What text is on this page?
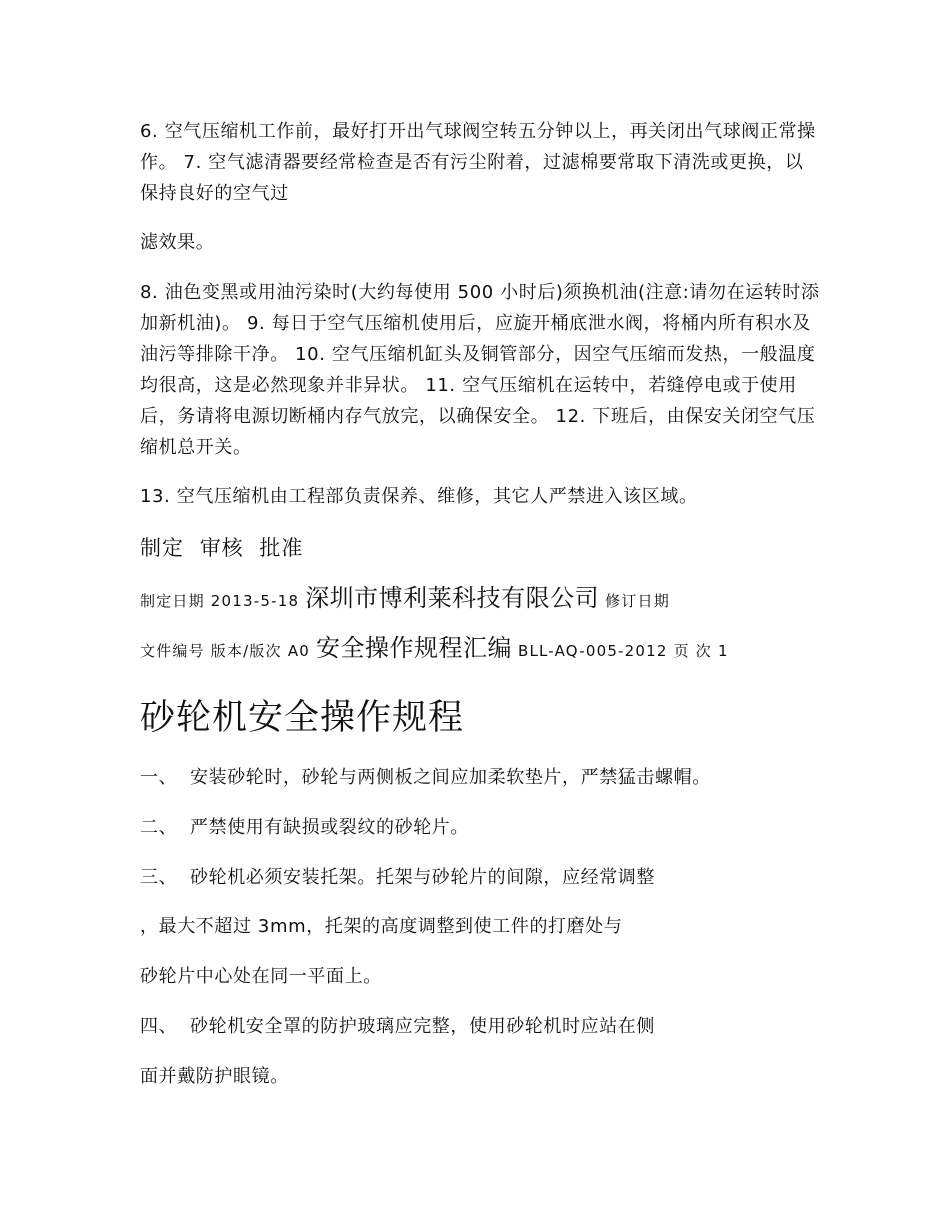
6. 空气压缩机工作前，最好打开出气球阀空转五分钟以上，再关闭出气球阀正常操作。 7. 空气滤清器要经常检查是否有污尘附着，过滤棉要常取下清洗或更换，以保持良好的空气过

滤效果。

8. 油色变黑或用油污染时(大约每使用 500 小时后)须换机油(注意:请勿在运转时添加新机油)。 9. 每日于空气压缩机使用后，应旋开桶底泄水阀，将桶内所有积水及油污等排除干净。 10. 空气压缩机缸头及铜管部分，因空气压缩而发热，一般温度均很高，这是必然现象并非异状。 11. 空气压缩机在运转中，若缝停电或于使用后，务请将电源切断桶内存气放完，以确保安全。 12. 下班后，由保安关闭空气压缩机总开关。

13. 空气压缩机由工程部负责保养、维修，其它人严禁进入该区域。

制定 审核 批准
制定日期 2013-5-18 深圳市博利莱科技有限公司 修订日期
文件编号 版本/版次 A0 安全操作规程汇编 BLL-AQ-005-2012 页 次 1
砂轮机安全操作规程

一、 安装砂轮时，砂轮与两侧板之间应加柔软垫片，严禁猛击螺帽。

二、 严禁使用有缺损或裂纹的砂轮片。

三、 砂轮机必须安装托架。托架与砂轮片的间隙，应经常调整

，最大不超过 3mm，托架的高度调整到使工件的打磨处与

砂轮片中心处在同一平面上。

四、 砂轮机安全罩的防护玻璃应完整，使用砂轮机时应站在侧

面并戴防护眼镜。
